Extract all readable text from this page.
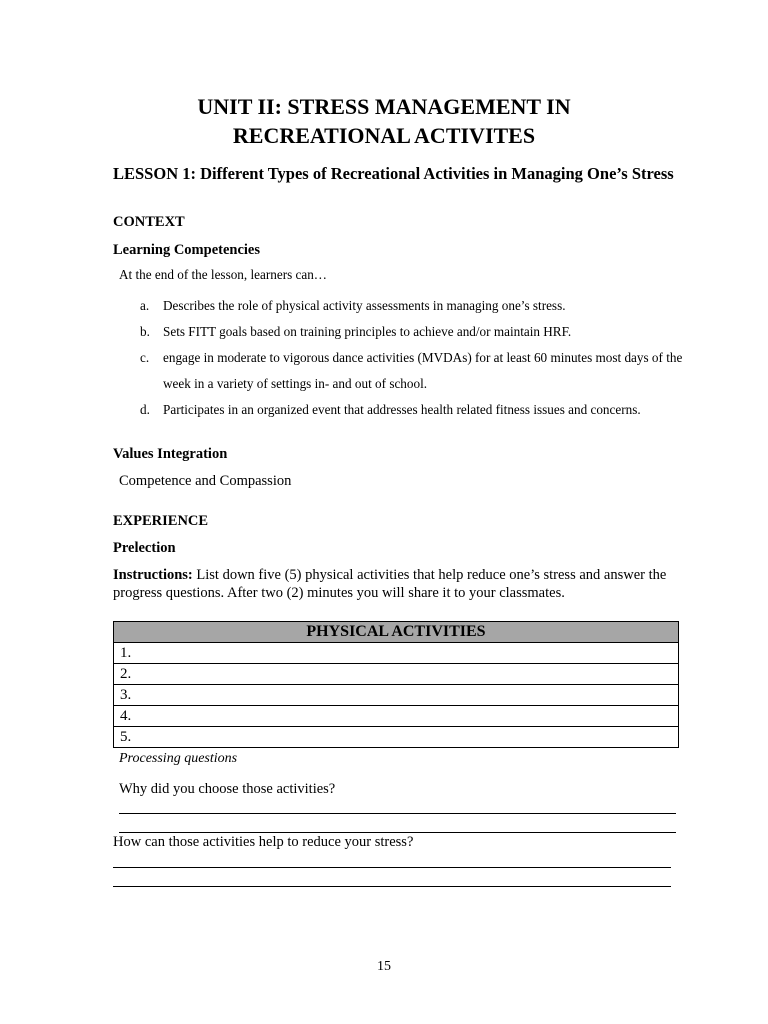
UNIT II: STRESS MANAGEMENT IN
RECREATIONAL ACTIVITES
LESSON 1: Different Types of Recreational Activities in Managing One’s Stress
CONTEXT
Learning Competencies
At the end of the lesson, learners can…
a. Describes the role of physical activity assessments in managing one’s stress.
b. Sets FITT goals based on training principles to achieve and/or maintain HRF.
c. engage in moderate to vigorous dance activities (MVDAs) for at least 60 minutes most days of the week in a variety of settings in- and out of school.
d. Participates in an organized event that addresses health related fitness issues and concerns.
Values Integration
Competence and Compassion
EXPERIENCE
Prelection
Instructions: List down five (5) physical activities that help reduce one’s stress and answer the progress questions. After two (2) minutes you will share it to your classmates.
PHYSICAL ACTIVITIES
1.
2.
3.
4.
5.
Processing questions
Why did you choose those activities?
How can those activities help to reduce your stress?
15
